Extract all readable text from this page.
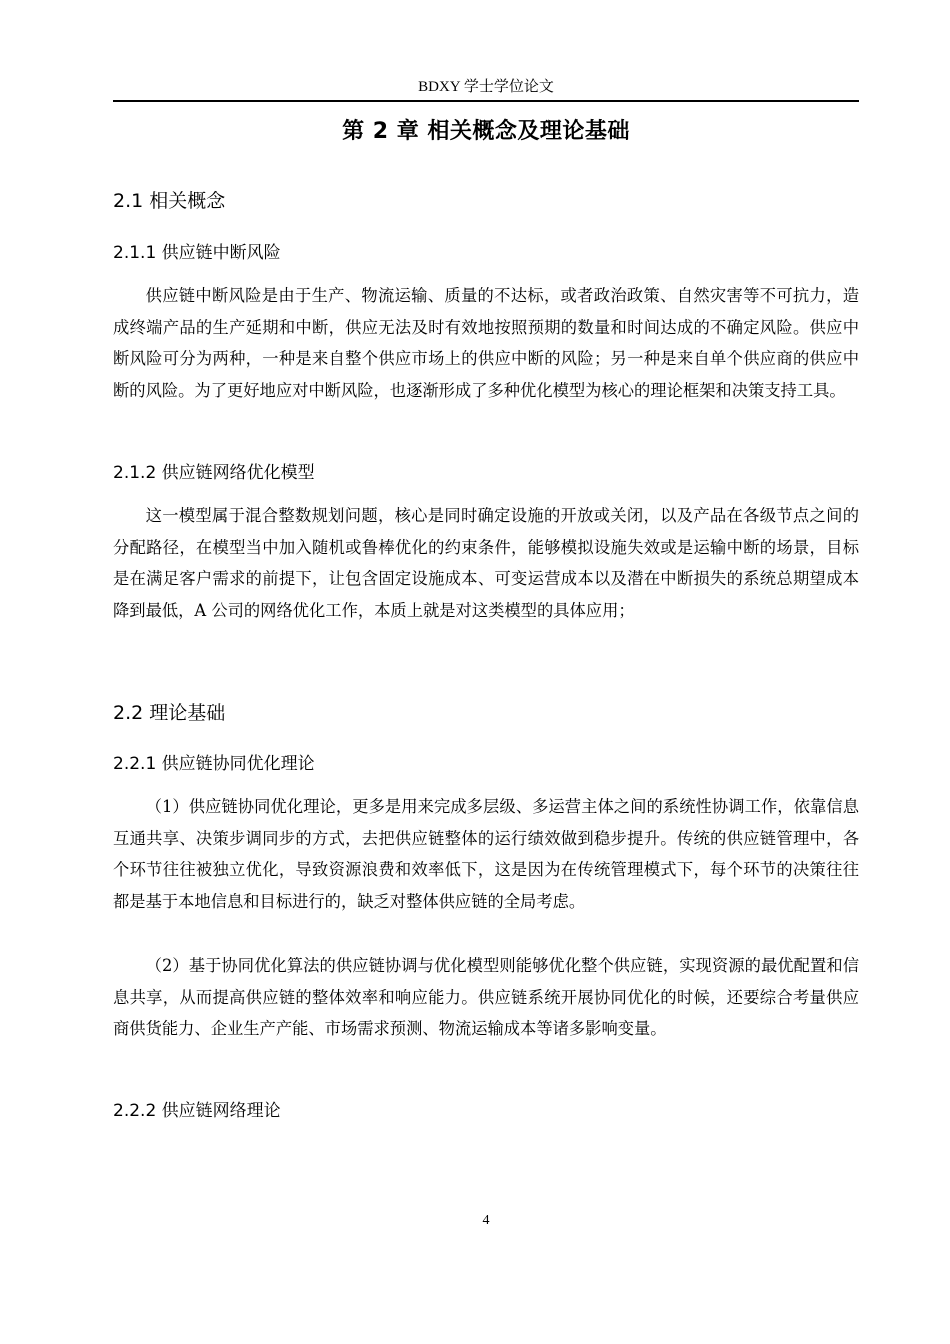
BDXY 学士学位论文
第 2 章 相关概念及理论基础
2.1 相关概念
2.1.1 供应链中断风险

供应链中断风险是由于生产、物流运输、质量的不达标，或者政治政策、自然灾害等不可抗力，造成终端产品的生产延期和中断，供应无法及时有效地按照预期的数量和时间达成的不确定风险。供应中断风险可分为两种，一种是来自整个供应市场上的供应中断的风险；另一种是来自单个供应商的供应中断的风险。为了更好地应对中断风险，也逐渐形成了多种优化模型为核心的理论框架和决策支持工具。

2.1.2 供应链网络优化模型

这一模型属于混合整数规划问题，核心是同时确定设施的开放或关闭，以及产品在各级节点之间的分配路径，在模型当中加入随机或鲁棒优化的约束条件，能够模拟设施失效或是运输中断的场景，目标是在满足客户需求的前提下，让包含固定设施成本、可变运营成本以及潜在中断损失的系统总期望成本降到最低，A 公司的网络优化工作，本质上就是对这类模型的具体应用；

2.2 理论基础
2.2.1 供应链协同优化理论

（1）供应链协同优化理论，更多是用来完成多层级、多运营主体之间的系统性协调工作，依靠信息互通共享、决策步调同步的方式，去把供应链整体的运行绩效做到稳步提升。传统的供应链管理中，各个环节往往被独立优化，导致资源浪费和效率低下，这是因为在传统管理模式下，每个环节的决策往往都是基于本地信息和目标进行的，缺乏对整体供应链的全局考虑。

（2）基于协同优化算法的供应链协调与优化模型则能够优化整个供应链，实现资源的最优配置和信息共享，从而提高供应链的整体效率和响应能力。供应链系统开展协同优化的时候，还要综合考量供应商供货能力、企业生产产能、市场需求预测、物流运输成本等诸多影响变量。

2.2.2 供应链网络理论
4
